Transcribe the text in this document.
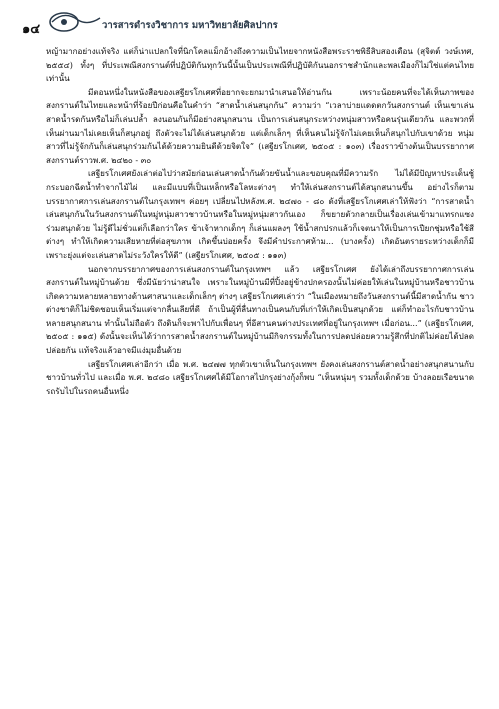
๑๔	วารสารดำรงวิชาการ มหาวิทยาลัยศิลปากร

หญ้ามากอย่างแท้จริง แต่ก็น่าแปลกใจที่นิกโคลแม็กอ้างถึงความเป็นไทยจากหนังสือพระราชพิธีสิบสองเดือน (สุจิตต์ วงษ์เทศ, ๒๕๕๔) ทั้งๆ ที่ประเพณีสงกรานต์ที่ปฏิบัติกันทุกวันนี้นั้นเป็นประเพณีที่ปฏิบัติกันนอกราชสำนักและพลเมืองก็ไม่ใช่แต่คนไทยเท่านั้น

มีตอนหนึ่งในหนังสือของเสฐียรโกเศศที่อยากจะยกมานำเสนอให้อ่านกัน เพราะน้อยคนที่จะได้เห็นภาพของสงกรานต์ในไทยและหน้าที่ร้อยปีก่อนคือในคำว่า “สาดน้ำเล่นสนุกกัน” ความว่า “เวลาบ่ายแดดตกวันสงกรานต์ เห็นเขาเล่นสาดน้ำรดกันหรือไม่ก็เล่นปล้ำ ลงนอนกันก็มีอย่างสนุกสนาน เป็นการเล่นสนุกระหว่างหนุ่มสาวหรือคนรุ่นเดียวกัน และพวกที่เห็นผ่านมาไม่เคยเห็นก็สนุกอยู่ ถึงตัวจะไม่ได้เล่นสนุกด้วย แต่เด็กเล็กๆ ที่เห็นคนไม่รู้จักไม่เคยเห็นก็สนุกไปกับเขาด้วย หนุ่มสาวที่ไม่รู้จักกันก็เล่นสนุกร่วมกันได้ด้วยความยินดีด้วยจิตใจ” (เสฐียรโกเศศ, ๒๕๐๕ : ๑๐๓) เรื่องราวข้างต้นเป็นบรรยากาศสงกรานต์ราวพ.ศ. ๒๔๒๐ - ๓๐

เสฐียรโกเศศยังเล่าต่อไปว่าสมัยก่อนเล่นสาดน้ำกันด้วยขันน้ำและขอบคุณที่มีความรัก ไม่ได้มีปัญหาประเด็นชู้กระบอกฉีดน้ำทำจากไม้ไผ่ และมีแบบที่เป็นเหล็กหรือโลหะต่างๆ ทำให้เล่นสงกรานต์ได้สนุกสนานขึ้น อย่างไรก็ตาม บรรยากาศการเล่นสงกรานต์ในกรุงเทพฯ ค่อยๆ เปลี่ยนไปหลังพ.ศ. ๒๔๗๐ - ๘๐ ดังที่เสฐียรโกเศศเล่าให้ฟังว่า “การสาดน้ำเล่นสนุกกันในวันสงกรานต์ในหมู่หนุ่มสาวชาวบ้านหรือในหมู่หนุ่มสาวกันเอง ก็ขยายตัวกลายเป็นเรื่องเล่นเข้ามาแทรกแซงร่วมสนุกด้วย ไม่รู้ดีไม่ชั่วแต่ก็เลือกว่าใคร ข้าเจ้าหากเด็กๆ ก็เล่นแผลงๆ ใช้น้ำสกปรกแล้วก็เจตนาให้เป็นการเปียกชุ่มหรือใช้สีต่างๆ ทำให้เกิดความเสียหายที่ต่อสุขภาพ เกิดขึ้นบ่อยครั้ง จึงมีคำประกาศห้าม... (บางครั้ง) เกิดอันตรายระหว่างเด็กก็มี เพราะยุ่งแต่จะเล่นสาดไม่ระวังใครให้ดี” (เสฐียรโกเศศ, ๒๕๐๕ : ๑๑๓)

นอกจากบรรยากาศของการเล่นสงกรานต์ในกรุงเทพฯ แล้ว เสฐียรโกเศศ ยังได้เล่าถึงบรรยากาศการเล่นสงกรานต์ในหมู่บ้านด้วย ซึ่งมีนัยว่าน่าสนใจ เพราะในหมู่บ้านมีที่ปิ้งอยู่ข้างปกครองนั้นไม่ค่อยให้เล่นในหมู่บ้านหรือชาวบ้านเกิดความหลายหลายทางด้านศาสนาและเด็กเล็กๆ ต่างๆ เสฐียรโกเศศเล่าว่า “ในเมืองหมายถึงวันสงกรานต์นี้มีสาดน้ำกัน ชาวต่างชาติก็ไม่ชิดชอบเห็นเริ่มแต่จากลื่นเลียที่ดี ถ้าเป็นผู้ที่ลื่นทางเป็นคนกับที่เก่าให้เกิดเป็นสนุกด้วย แต่ก็ทำอะไรกับชาวบ้านหลายสนุกสนาน ทำนั้นไม่ถือตัว ถึงดินก็จะพาไปกับเพื่อนๆ ที่อีสานคนต่างประเทศที่อยู่ในกรุงเทพฯ เมื่อก่อน...” (เสฐียรโกเศศ, ๒๕๐๕ : ๑๑๕) ดังนั้นจะเห็นได้ว่าการสาดน้ำสงกรานต์ในหมู่บ้านมีกิจกรรมทั้งในการปลดปล่อยความรู้สึกที่ปกติไม่ค่อยได้ปลดปล่อยกัน แท้จริงแล้วอาจมีแง่มุมอื่นด้วย

เสฐียรโกเศศเล่าอีกว่า เมื่อ พ.ศ. ๒๔๗๗ ทุกตัวเขาเห็นในกรุงเทพฯ ยังคงเล่นสงกรานต์สาดน้ำอย่างสนุกสนานกับชาวบ้านทั่วไป และเมื่อ พ.ศ. ๒๔๘๐ เสฐียรโกเศศได้มีโอกาสไปกรุงย่างกุ้งก็พบ “เห็นหนุ่มๆ รวมทั้งเด็กด้วย บ้างลอยเรือขนาดรถรับไปในรถคนอื่นหนึ่ง
